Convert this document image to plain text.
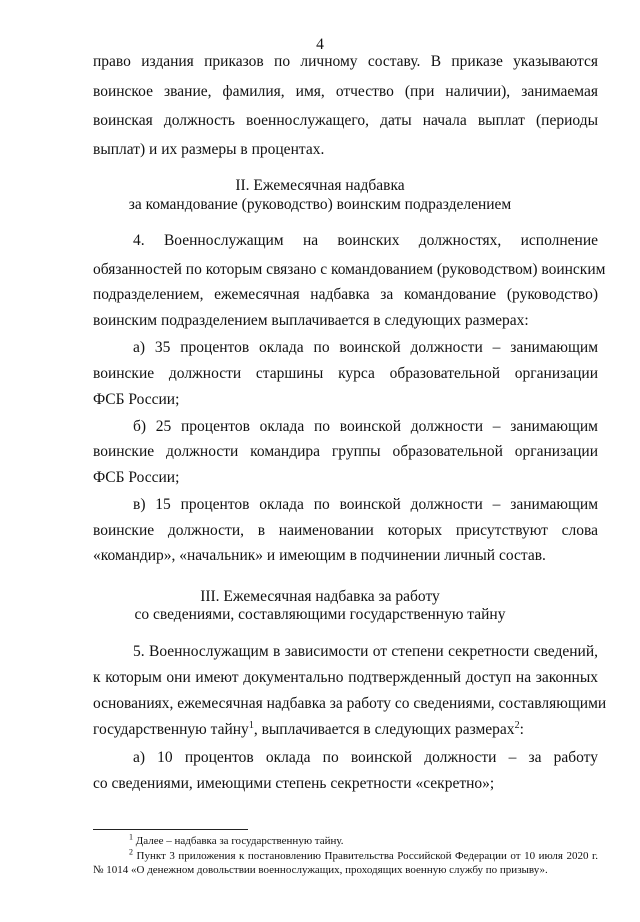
4
право издания приказов по личному составу. В приказе указываются
воинское звание, фамилия, имя, отчество (при наличии), занимаемая
воинская должность военнослужащего, даты начала выплат (периоды
выплат) и их размеры в процентах.
II. Ежемесячная надбавка
за командование (руководство) воинским подразделением
4. Военнослужащим на воинских должностях, исполнение
обязанностей по которым связано с командованием (руководством) воинским
подразделением, ежемесячная надбавка за командование (руководство)
воинским подразделением выплачивается в следующих размерах:
а) 35 процентов оклада по воинской должности – занимающим
воинские должности старшины курса образовательной организации
ФСБ России;
б) 25 процентов оклада по воинской должности – занимающим
воинские должности командира группы образовательной организации
ФСБ России;
в) 15 процентов оклада по воинской должности – занимающим
воинские должности, в наименовании которых присутствуют слова
«командир», «начальник» и имеющим в подчинении личный состав.
III. Ежемесячная надбавка за работу
со сведениями, составляющими государственную тайну
5. Военнослужащим в зависимости от степени секретности сведений,
к которым они имеют документально подтвержденный доступ на законных
основаниях, ежемесячная надбавка за работу со сведениями, составляющими
государственную тайну$^1$, выплачивается в следующих размерах$^2$:
а) 10 процентов оклада по воинской должности – за работу
со сведениями, имеющими степень секретности «секретно»;
$^1$ Далее – надбавка за государственную тайну.
$^2$ Пункт 3 приложения к постановлению Правительства Российской Федерации от 10 июля 2020 г.
№ 1014 «О денежном довольствии военнослужащих, проходящих военную службу по призыву».
